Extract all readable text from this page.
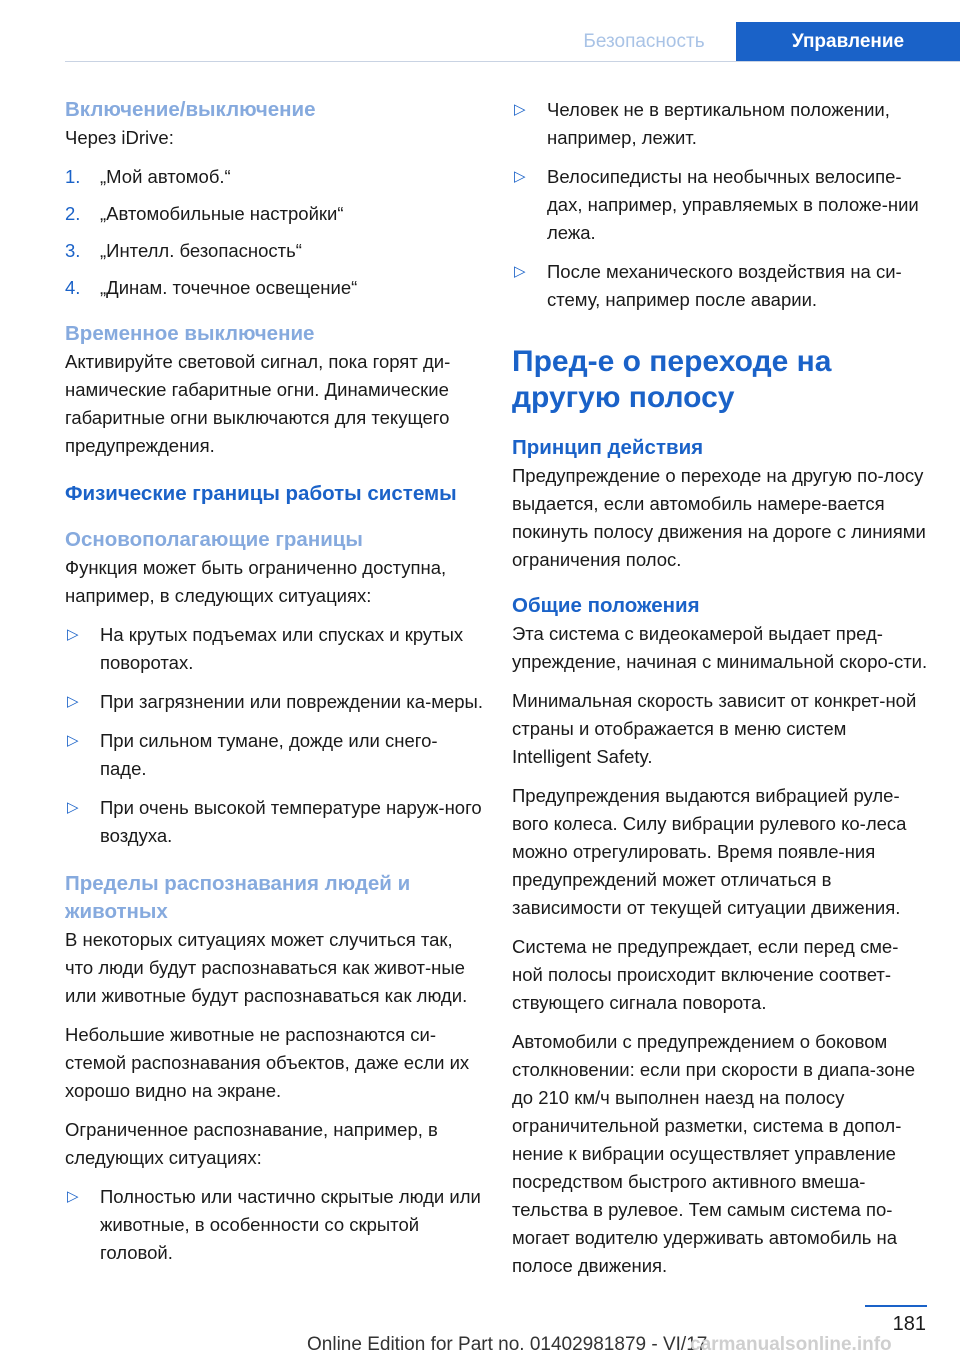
Безопасность	Управление
Включение/выключение

Через iDrive:

1. „Мой автомоб.“
2. „Автомобильные настройки“
3. „Интелл. безопасность“
4. „Динам. точечное освещение“
Временное выключение

Активируйте световой сигнал, пока горят ди-намические габаритные огни. Динамические габаритные огни выключаются для текущего предупреждения.

Физические границы работы системы
Основополагающие границы

Функция может быть ограниченно доступна, например, в следующих ситуациях:

▷ На крутых подъемах или спусках и крутых поворотах.
▷ При загрязнении или повреждении ка-меры.
▷ При сильном тумане, дожде или снего-паде.
▷ При очень высокой температуре наруж-ного воздуха.
Пределы распознавания людей и животных

В некоторых ситуациях может случиться так, что люди будут распознаваться как живот-ные или животные будут распознаваться как люди.

Небольшие животные не распознаются си-стемой распознавания объектов, даже если их хорошо видно на экране.

Ограниченное распознавание, например, в следующих ситуациях:

▷ Полностью или частично скрытые люди или животные, в особенности со скрытой головой.
▷ Человек не в вертикальном положении, например, лежит.
▷ Велосипедисты на необычных велосипе-дах, например, управляемых в положе-нии лежа.
▷ После механического воздействия на си-стему, например после аварии.
Пред-е о переходе на другую полосу
Принцип действия

Предупреждение о переходе на другую по-лосу выдается, если автомобиль намере-вается покинуть полосу движения на дороге с линиями ограничения полос.

Общие положения

Эта система с видеокамерой выдает пред-упреждение, начиная с минимальной скоро-сти.

Минимальная скорость зависит от конкрет-ной страны и отображается в меню систем Intelligent Safety.

Предупреждения выдаются вибрацией руле-вого колеса. Силу вибрации рулевого ко-леса можно отрегулировать. Время появле-ния предупреждений может отличаться в зависимости от текущей ситуации движения.

Система не предупреждает, если перед сме-ной полосы происходит включение соответ-ствующего сигнала поворота.

Автомобили с предупреждением о боковом столкновении: если при скорости в диапа-зоне до 210 км/ч выполнен наезд на полосу ограничительной разметки, система в допол-нение к вибрации осуществляет управление посредством быстрого активного вмеша-тельства в рулевое. Тем самым система по-могает водителю удерживать автомобиль на полосе движения.

181
Online Edition for Part no. 01402981879 - VI/17
carmanualsonline.info
